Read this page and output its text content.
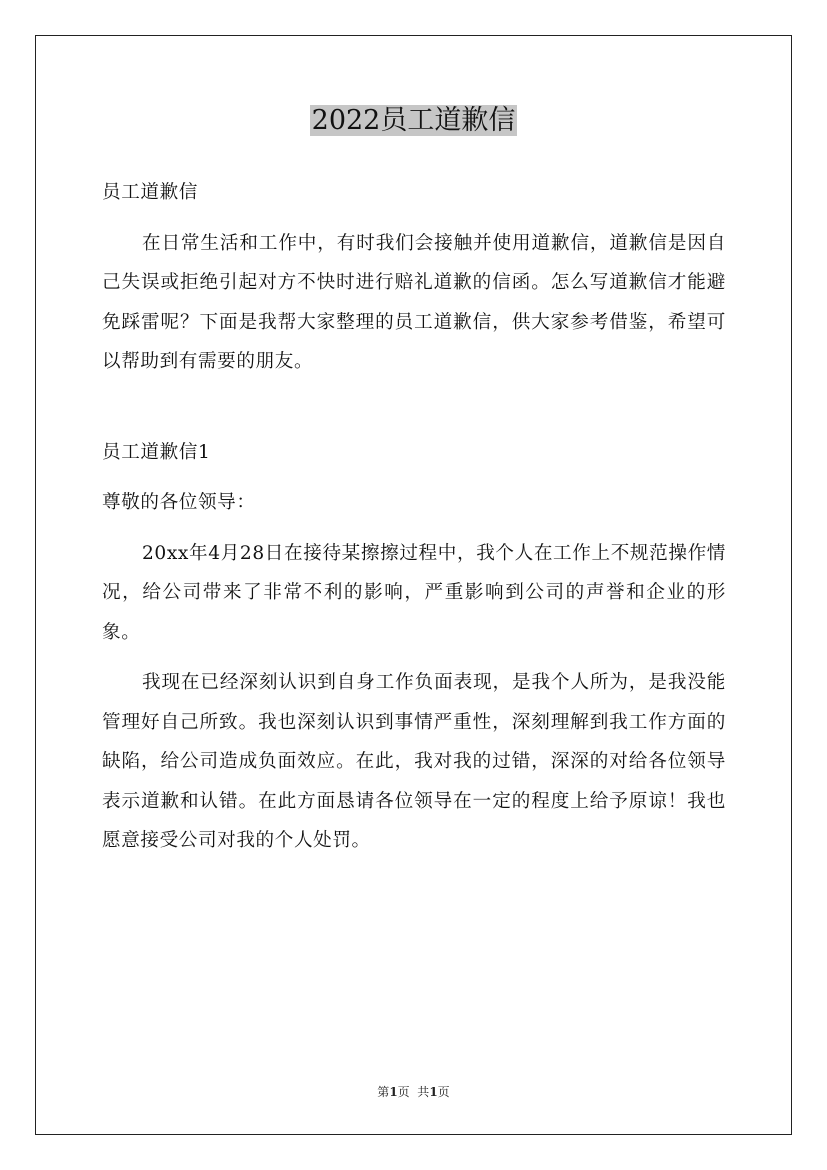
2022员工道歉信

员工道歉信

在日常生活和工作中，有时我们会接触并使用道歉信，道歉信是因自己失误或拒绝引起对方不快时进行赔礼道歉的信函。怎么写道歉信才能避免踩雷呢？下面是我帮大家整理的员工道歉信，供大家参考借鉴，希望可以帮助到有需要的朋友。

员工道歉信1

尊敬的各位领导：

20xx年4月28日在接待某擦擦过程中，我个人在工作上不规范操作情况，给公司带来了非常不利的影响，严重影响到公司的声誉和企业的形象。

我现在已经深刻认识到自身工作负面表现，是我个人所为，是我没能管理好自己所致。我也深刻认识到事情严重性，深刻理解到我工作方面的缺陷，给公司造成负面效应。在此，我对我的过错，深深的对给各位领导表示道歉和认错。在此方面恳请各位领导在一定的程度上给予原谅！我也愿意接受公司对我的个人处罚。

第1页  共1页
